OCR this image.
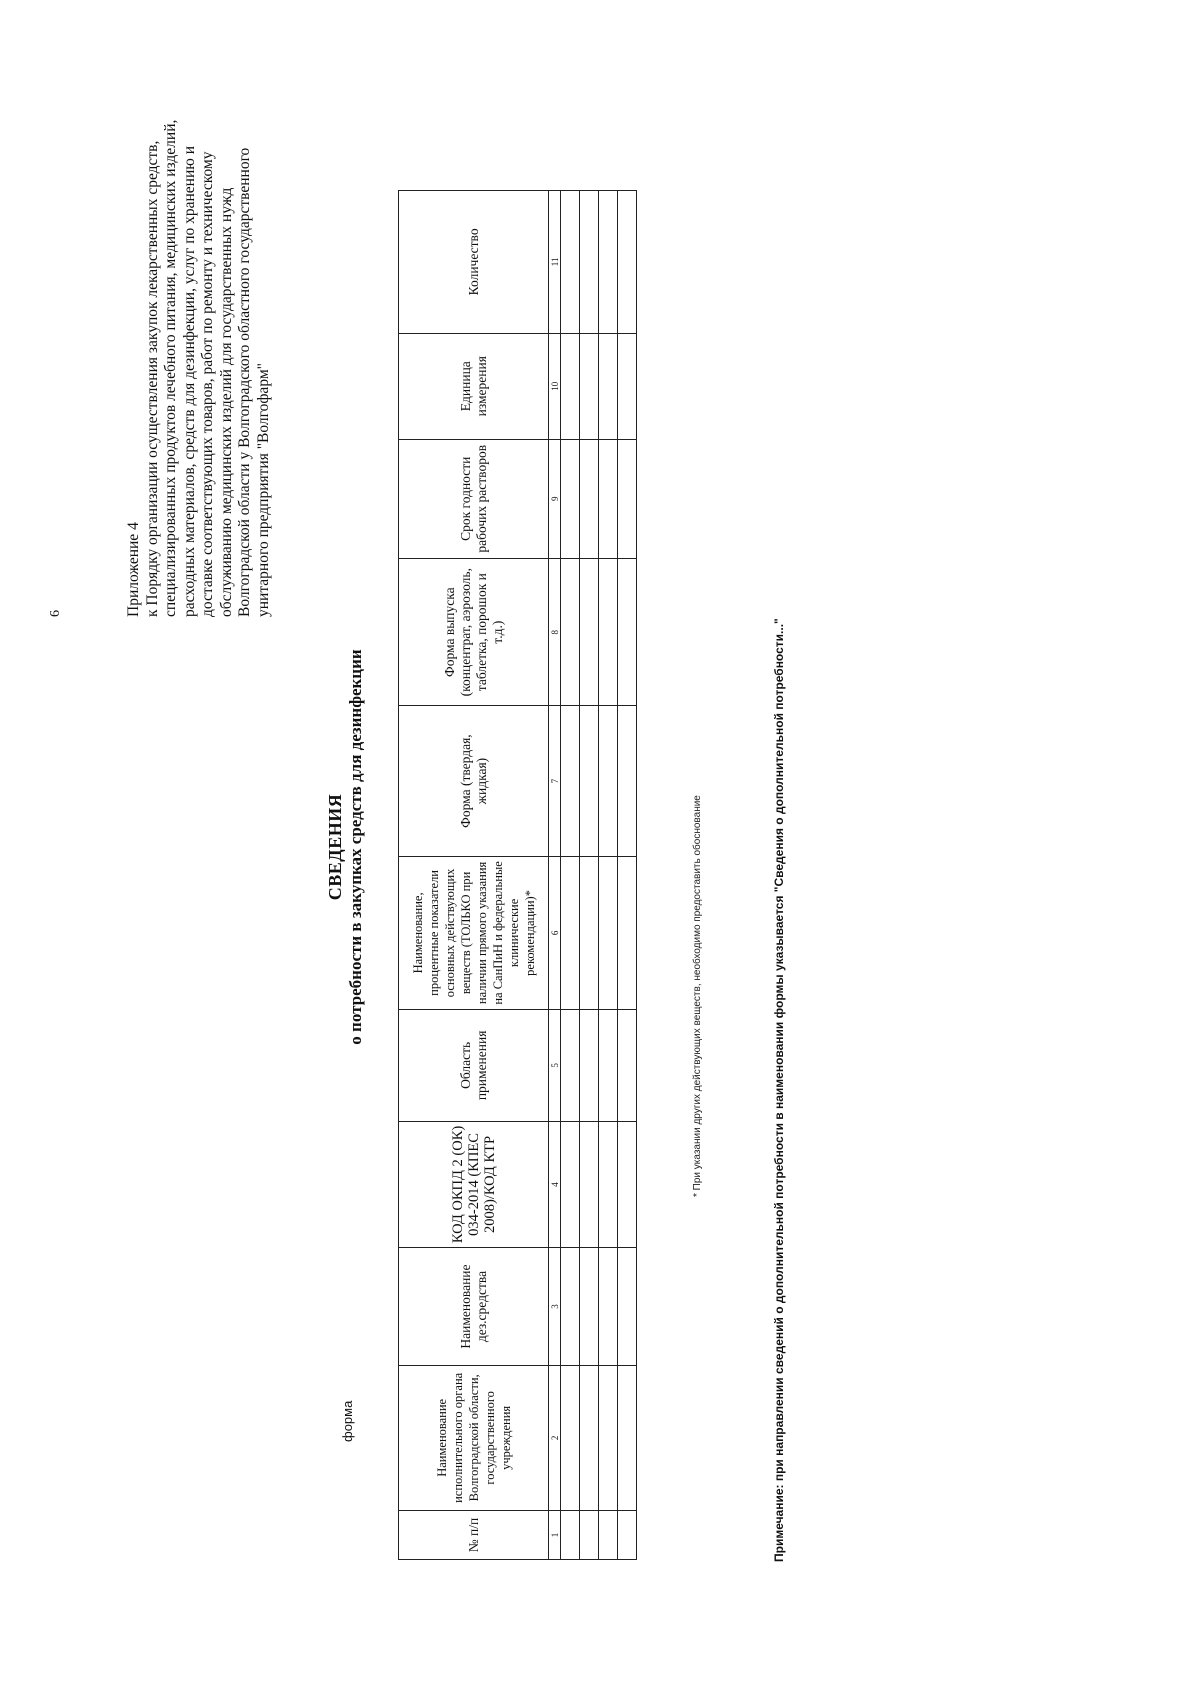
Приложение 4 к Порядку организации осуществления закупок лекарственных средств, специализированных продуктов лечебного питания, медицинских изделий, расходных материалов, средств для дезинфекции, услуг по хранению и доставке соответствующих товаров, работ по ремонту и техническому обслуживанию медицинских изделий для государственных нужд Волгоградской области у Волгоградского областного государственного унитарного предприятия "Волгофарм"

6
форма
СВЕДЕНИЯ о потребности в закупках средств для дезинфекции
№ п/п	Наименование исполнительного органа Волгоградской области, государственного учреждения	Наименование дез.средства	КОД ОКПД 2 (ОК) 034-2014 (КПЕС 2008)/КОД КТР	Область применения	Наименование, процентные показатели основных действующих веществ (ТОЛЬКО при наличии прямого указания на СанПиН и федеральные клинические рекомендации)*	Форма (твердая, жидкая)	Форма выпуска (концентрат, аэрозоль, таблетка, порошок и т.д.)	Срок годности рабочих растворов	Единица измерения	Количество
1	2	3	4	5	6	7	8	9	10	11

* При указании других действующих веществ, необходимо предоставить обоснование	Примечание: при направлении сведений о дополнительной потребности в наименовании формы указывается "Сведения о дополнительной потребности..."
